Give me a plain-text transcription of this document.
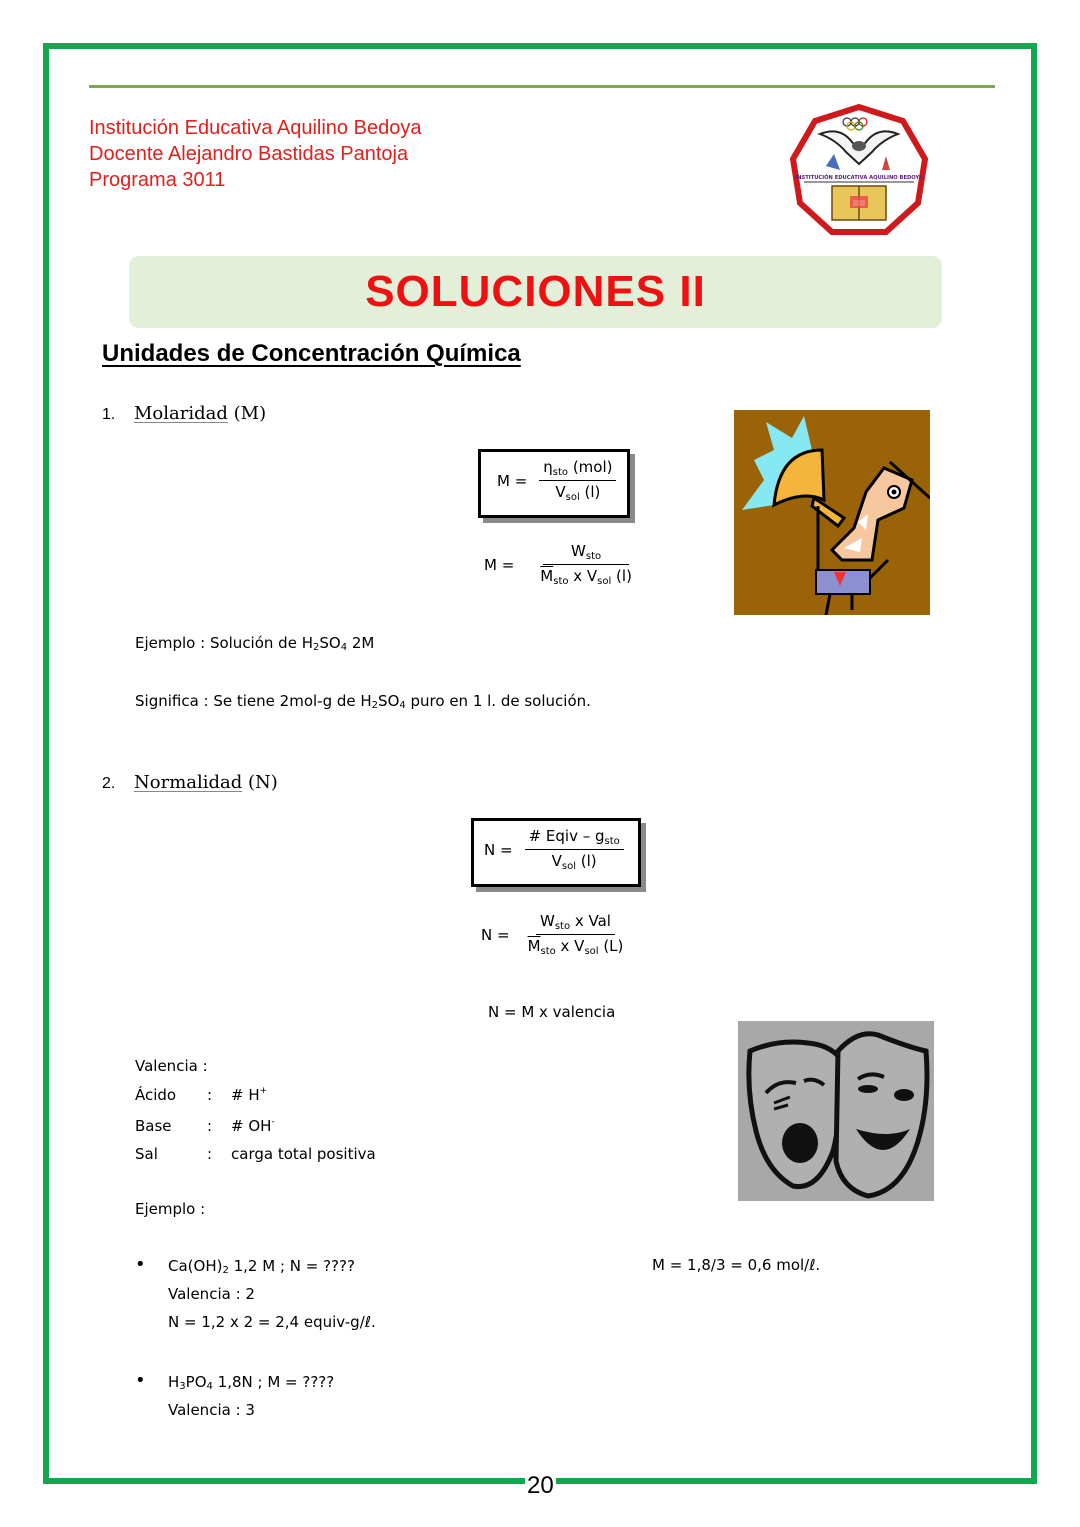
Institución Educativa Aquilino Bedoya
Docente Alejandro Bastidas Pantoja
Programa 3011	INSTITUCIÓN EDUCATIVA AQUILINO BEDOYA
SOLUCIONES II
Unidades de Concentración Química
1. Molaridad (M)
$M = \frac{\eta_{sto} (mol)}{V_{sol} (l)}$
$M = \frac{W_{sto}}{\overline{M}_{sto} x V_{sol} (l)}$
Ejemplo : Solución de H2SO4 2M
Significa : Se tiene 2mol-g de H2SO4 puro en 1 l. de solución.
2. Normalidad (N)
$N = \frac{\# Eqiv - g_{sto}}{V_{sol} (l)}$
$N = \frac{W_{sto} x Val}{\overline{M}_{sto} x V_{sol} (L)}$
N = M x valencia
Valencia :
Ácido : # H+
Base : # OH-
Sal	: carga total positiva
Ejemplo :
• Ca(OH)2 1,2 M ; N = ????
Valencia : 2
N = 1,2 x 2 = 2,4 equiv-g/ℓ.
M = 1,8/3 = 0,6 mol/ℓ.
• H3PO4 1,8N ; M = ????
Valencia : 3
20
